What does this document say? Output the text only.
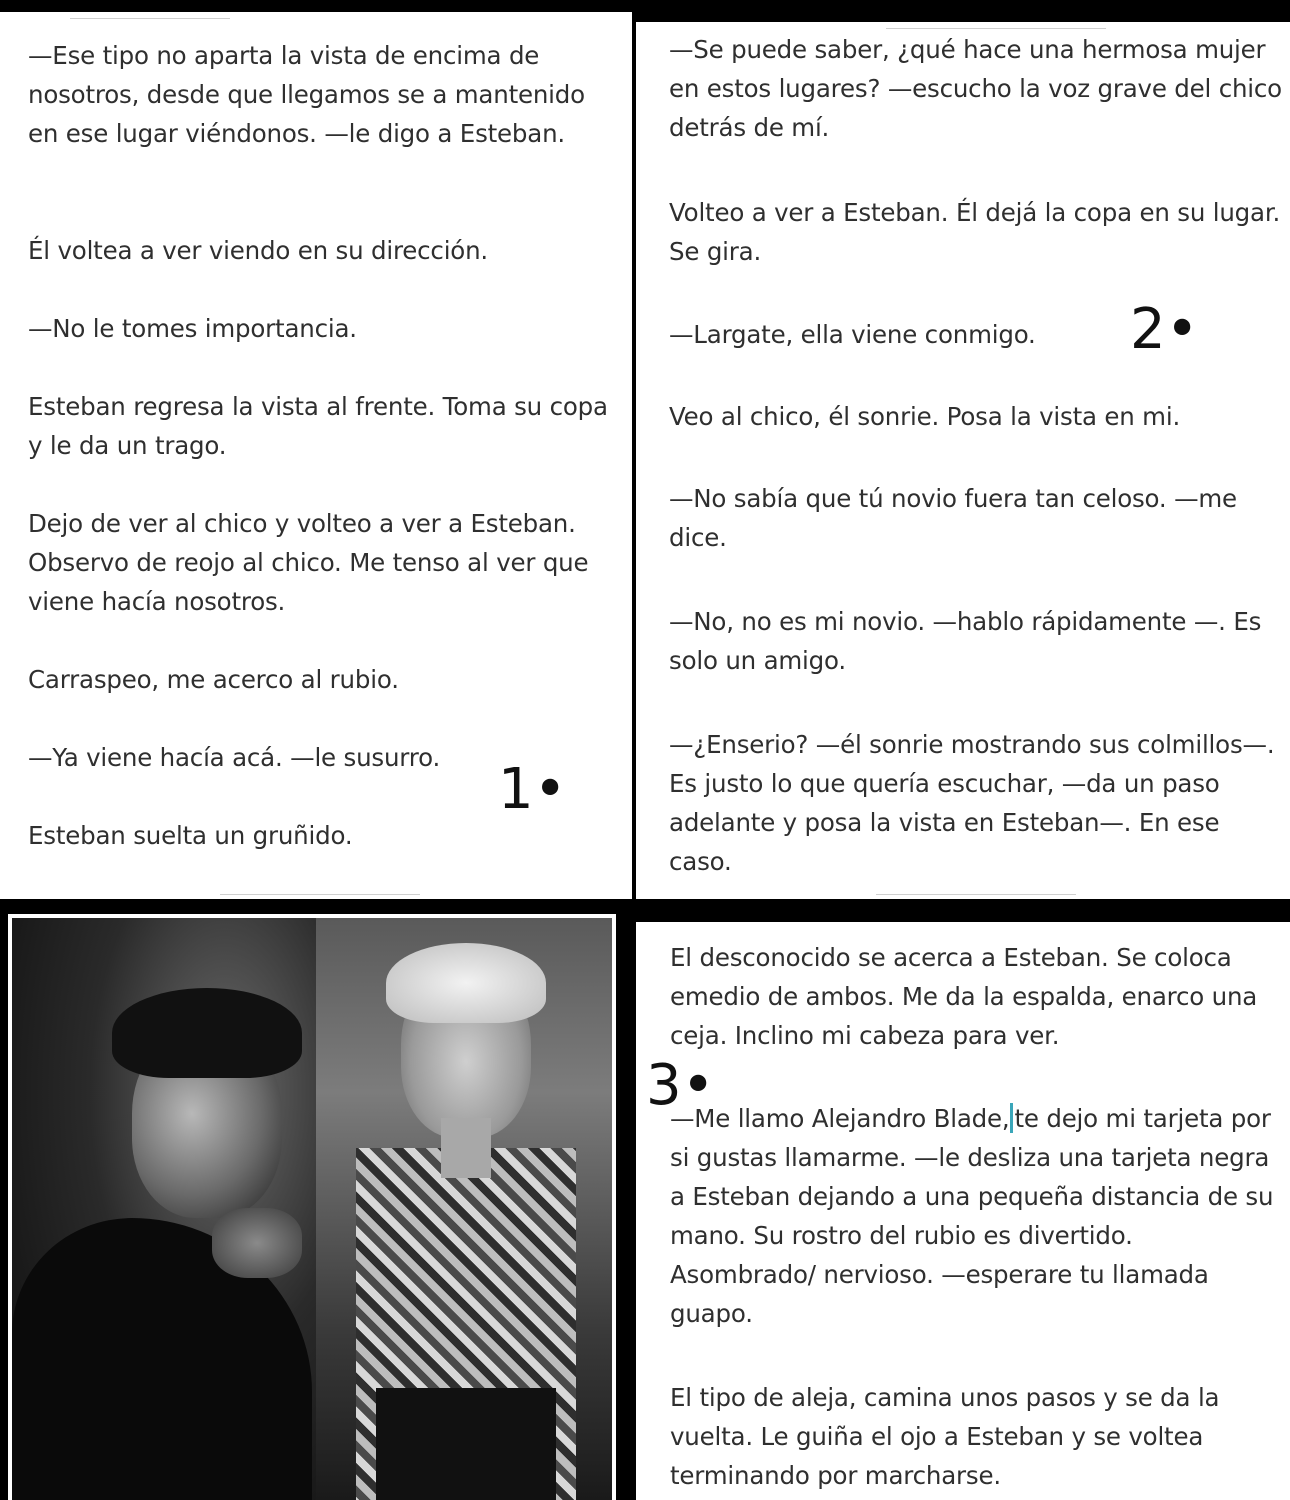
—Ese tipo no aparta la vista de encima de nosotros, desde que llegamos se a mantenido en ese lugar viéndonos. —le digo a Esteban.

Él voltea a ver viendo en su dirección.

—No le tomes importancia.

Esteban regresa la vista al frente. Toma su copa y le da un trago.

Dejo de ver al chico y volteo a ver a Esteban. Observo de reojo al chico. Me tenso al ver que viene hacía nosotros.

Carraspeo, me acerco al rubio.

—Ya viene hacía acá. —le susurro.

Esteban suelta un gruñido.

1•

—Se puede saber, ¿qué hace una hermosa mujer en estos lugares? —escucho la voz grave del chico detrás de mí.

Volteo a ver a Esteban. Él dejá la copa en su lugar. Se gira.

—Largate, ella viene conmigo.

Veo al chico, él sonrie. Posa la vista en mi.

—No sabía que tú novio fuera tan celoso. —me dice.

—No, no es mi novio. —hablo rápidamente —. Es solo un amigo.

—¿Enserio? —él sonrie mostrando sus colmillos—. Es justo lo que quería escuchar, —da un paso adelante y posa la vista en Esteban—. En ese caso.

2•

El desconocido se acerca a Esteban. Se coloca emedio de ambos. Me da la espalda, enarco una ceja. Inclino mi cabeza para ver.

—Me llamo Alejandro Blade, te dejo mi tarjeta por si gustas llamarme. —le desliza una tarjeta negra a Esteban dejando a una pequeña distancia de su mano. Su rostro del rubio es divertido. Asombrado/ nervioso. —esperare tu llamada guapo.

El tipo de aleja, camina unos pasos y se da la vuelta. Le guiña el ojo a Esteban y se voltea terminando por marcharse.

3•
